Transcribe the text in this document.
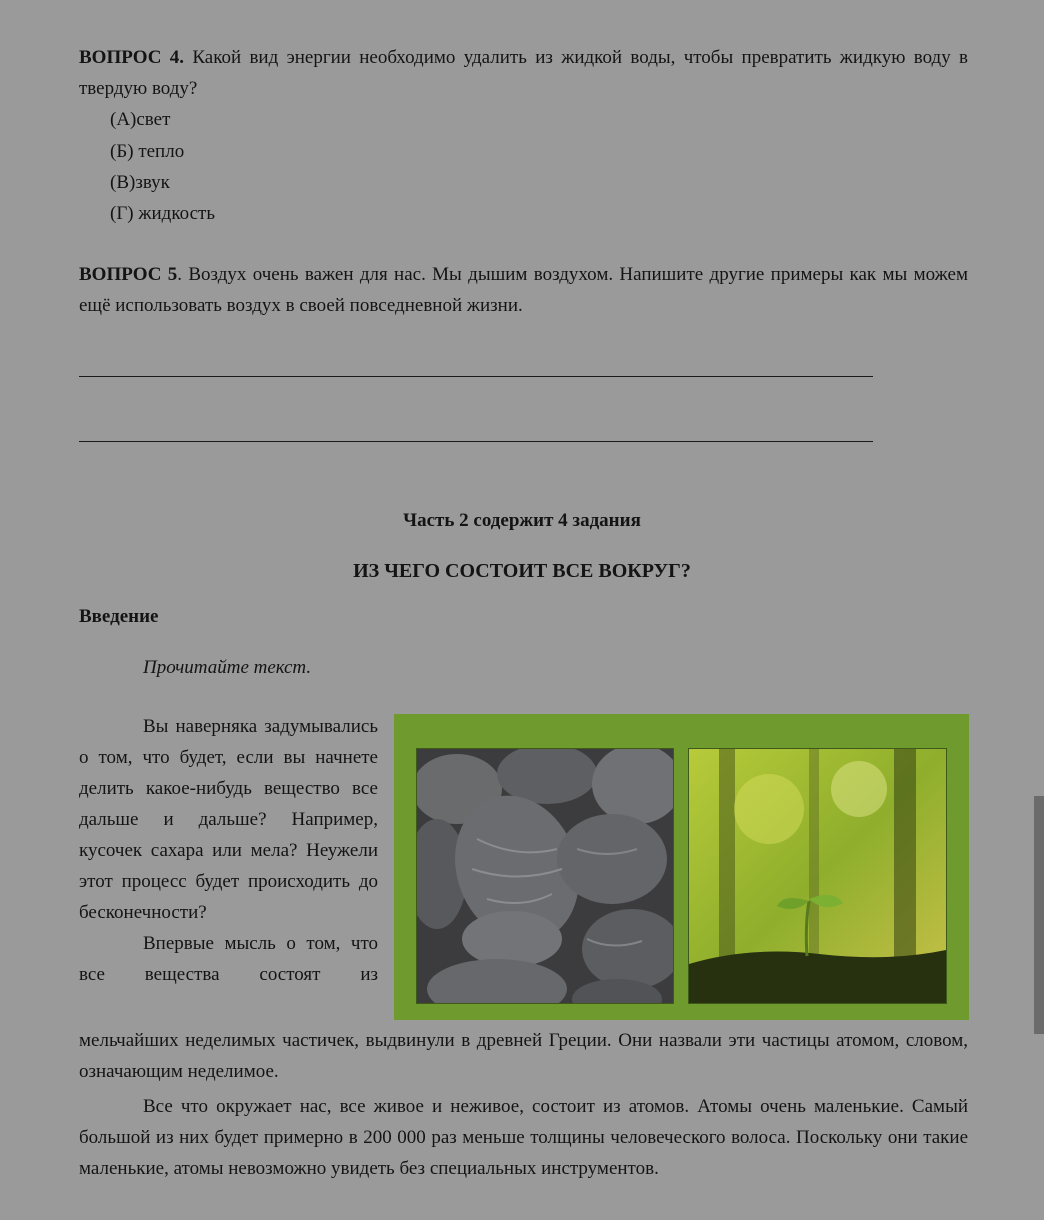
ВОПРОС 4. Какой вид энергии необходимо удалить из жидкой воды, чтобы превратить жидкую воду в твердую воду?

(А)свет

(Б) тепло

(В)звук

(Г) жидкость

ВОПРОС 5. Воздух очень важен для нас. Мы дышим воздухом. Напишите другие примеры как мы можем ещё использовать воздух в своей повседневной жизни.

Часть 2 содержит 4 задания

ИЗ ЧЕГО СОСТОИТ ВСЕ ВОКРУГ?

Введение

Прочитайте текст.

Вы наверняка задумывались о том, что будет, если вы начнете делить какое-нибудь вещество все дальше и дальше? Например, кусочек сахара или мела? Неужели этот процесс будет происходить до бесконечности?

Впервые мысль о том, что все вещества состоят из

мельчайших неделимых частичек, выдвинули в древней Греции. Они назвали эти частицы атомом, словом, означающим неделимое.

Все что окружает нас, все живое и неживое, состоит из атомов. Атомы очень маленькие. Самый большой из них будет примерно в 200 000 раз меньше толщины человеческого волоса. Поскольку они такие маленькие, атомы невозможно увидеть без специальных инструментов.
